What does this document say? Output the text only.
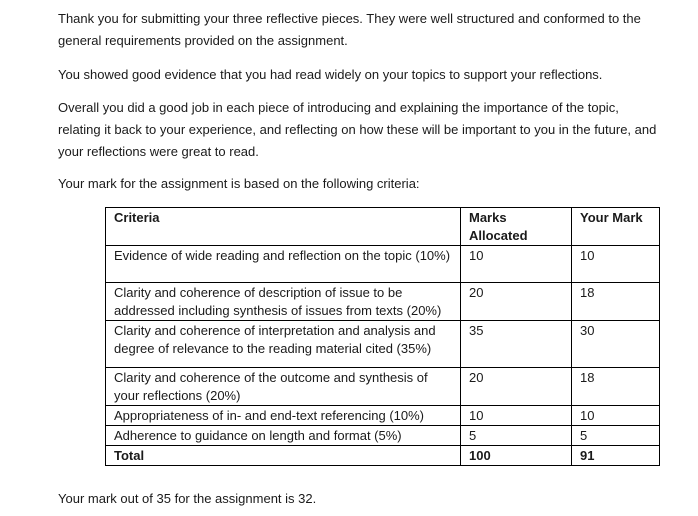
Thank you for submitting your three reflective pieces. They were well structured and conformed to the general requirements provided on the assignment.

You showed good evidence that you had read widely on your topics to support your reflections.

Overall you did a good job in each piece of introducing and explaining the importance of the topic, relating it back to your experience, and reflecting on how these will be important to you in the future, and your reflections were great to read.

Your mark for the assignment is based on the following criteria:

Criteria	Marks Allocated	Your Mark
Evidence of wide reading and reflection on the topic (10%)	10	10
Clarity and coherence of description of issue to be addressed including synthesis of issues from texts (20%)	20	18
Clarity and coherence of interpretation and analysis and degree of relevance to the reading material cited (35%)	35	30
Clarity and coherence of the outcome and synthesis of your reflections (20%)	20	18
Appropriateness of in- and end-text referencing (10%)	10	10
Adherence to guidance on length and format (5%)	5	5
Total	100	91

Your mark out of 35 for the assignment is 32.
